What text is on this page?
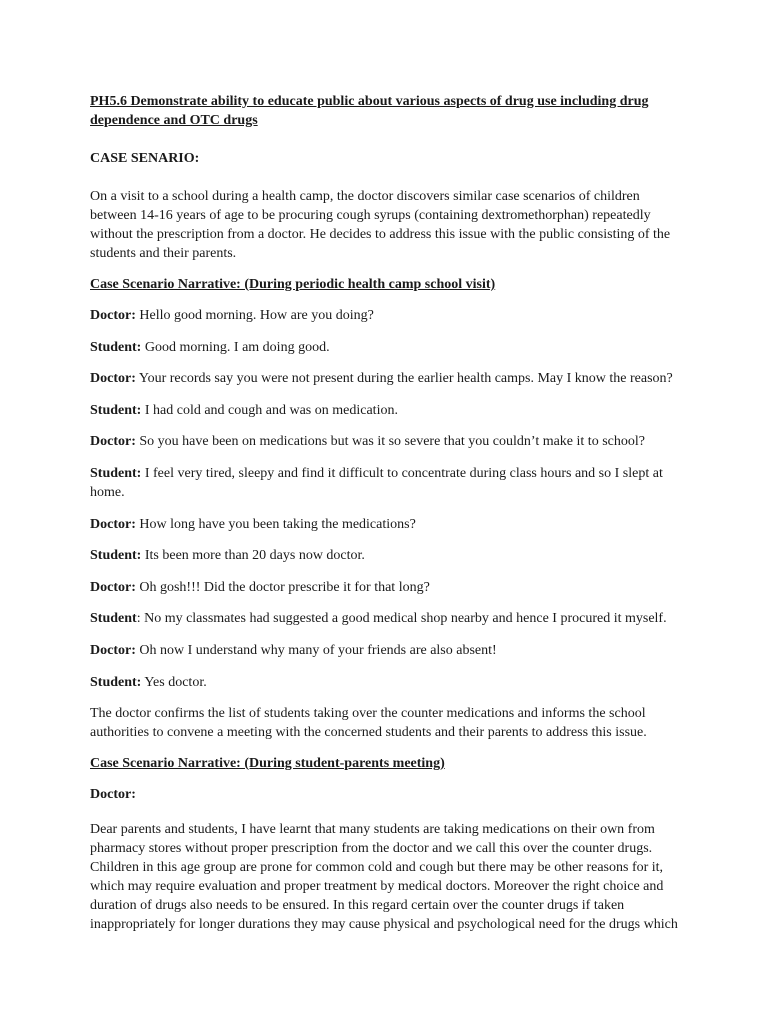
PH5.6 Demonstrate ability to educate public about various aspects of drug use including drug dependence and OTC drugs

CASE SENARIO:

On a visit to a school during a health camp, the doctor discovers similar case scenarios of children between 14-16 years of age to be procuring cough syrups (containing dextromethorphan) repeatedly without the prescription from a doctor. He decides to address this issue with the public consisting of the students and their parents.

Case Scenario Narrative: (During periodic health camp school visit)

Doctor: Hello good morning. How are you doing?

Student: Good morning. I am doing good.

Doctor: Your records say you were not present during the earlier health camps. May I know the reason?

Student: I had cold and cough and was on medication.

Doctor: So you have been on medications but was it so severe that you couldn’t make it to school?

Student: I feel very tired, sleepy and find it difficult to concentrate during class hours and so I slept at home.

Doctor: How long have you been taking the medications?

Student: Its been more than 20 days now doctor.

Doctor: Oh gosh!!! Did the doctor prescribe it for that long?

Student: No my classmates had suggested a good medical shop nearby and hence I procured it myself.

Doctor: Oh now I understand why many of your friends are also absent!

Student: Yes doctor.

The doctor confirms the list of students taking over the counter medications and informs the school authorities to convene a meeting with the concerned students and their parents to address this issue.

Case Scenario Narrative: (During student-parents meeting)

Doctor:

Dear parents and students, I have learnt that many students are taking medications on their own from pharmacy stores without proper prescription from the doctor and we call this over the counter drugs. Children in this age group are prone for common cold and cough but there may be other reasons for it, which may require evaluation and proper treatment by medical doctors. Moreover the right choice and duration of drugs also needs to be ensured. In this regard certain over the counter drugs if taken inappropriately for longer durations they may cause physical and psychological need for the drugs which
